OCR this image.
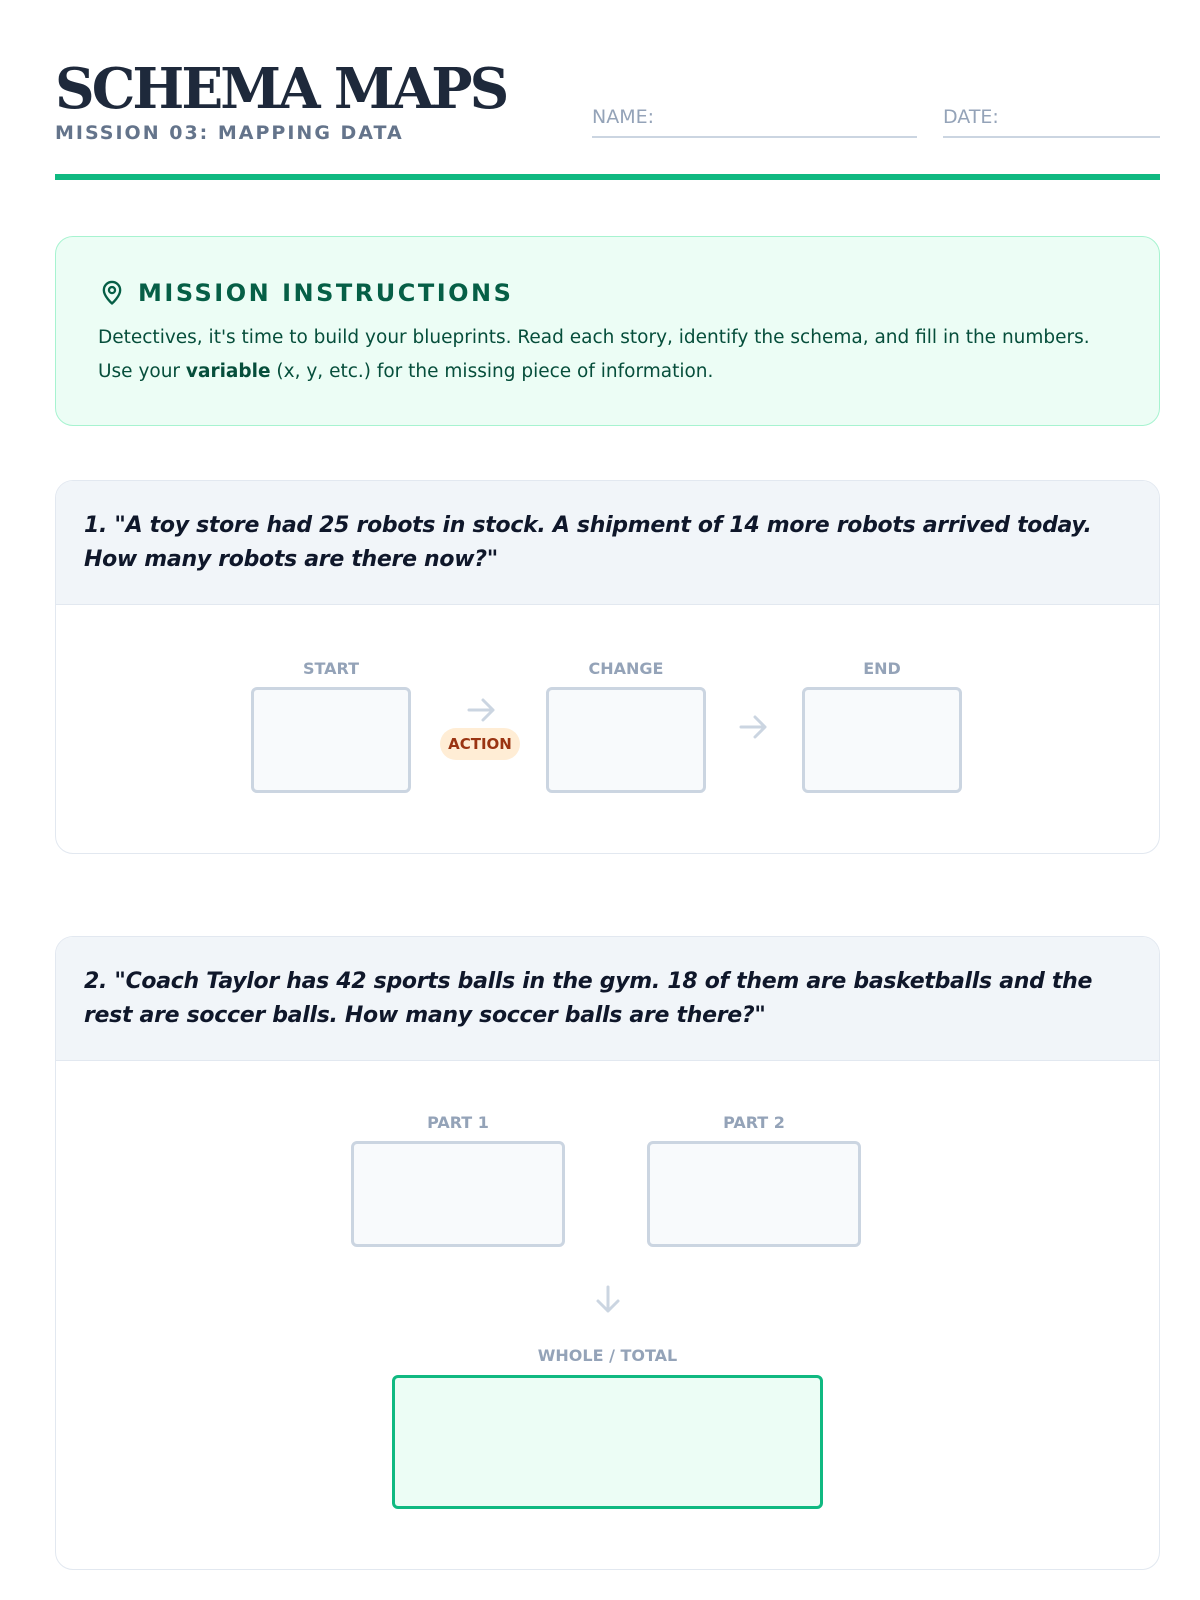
SCHEMA MAPS
MISSION 03: MAPPING DATA
NAME:	DATE:
MISSION INSTRUCTIONS
Detectives, it's time to build your blueprints. Read each story, identify the schema, and fill in the numbers. Use your variable (x, y, etc.) for the missing piece of information.

1. "A toy store had 25 robots in stock. A shipment of 14 more robots arrived today. How many robots are there now?"

START
ACTION
CHANGE	END

2. "Coach Taylor has 42 sports balls in the gym. 18 of them are basketballs and the rest are soccer balls. How many soccer balls are there?"

PART 1	PART 2
WHOLE / TOTAL
